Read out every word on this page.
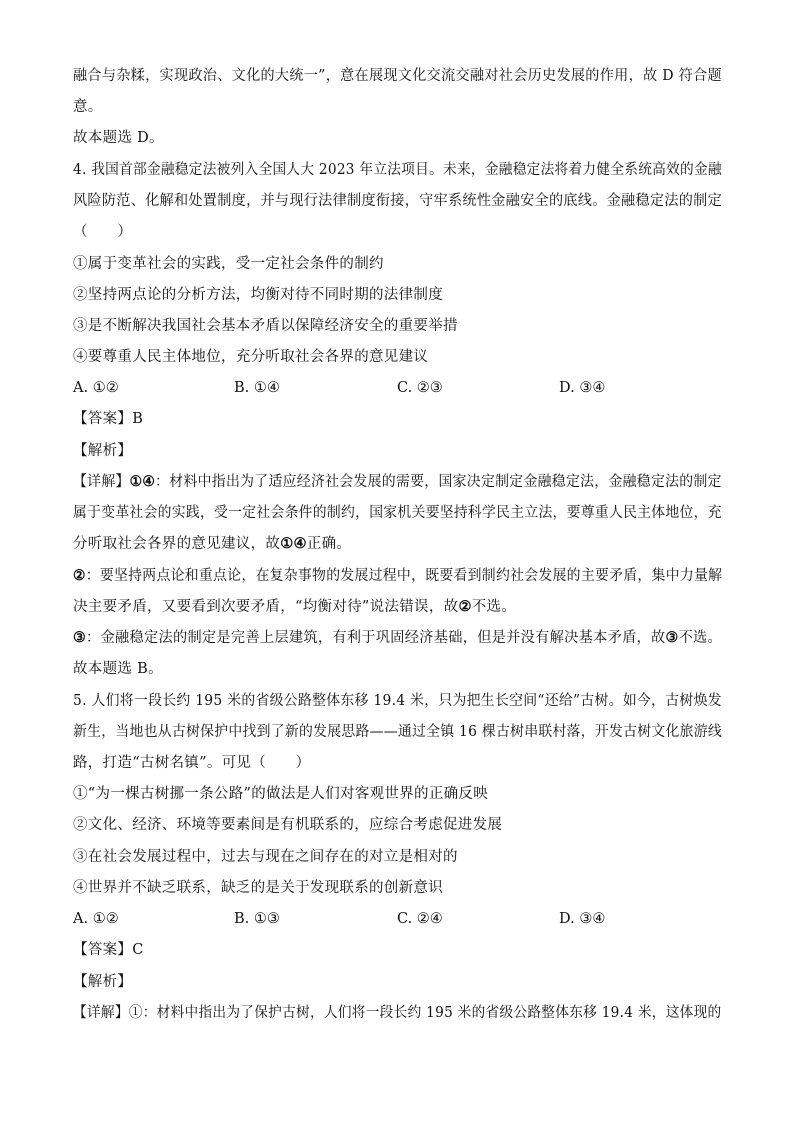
融合与杂糅，实现政治、文化的大统一”，意在展现文化交流交融对社会历史发展的作用，故 D 符合题
意。
故本题选 D。
4. 我国首部金融稳定法被列入全国人大 2023 年立法项目。未来，金融稳定法将着力健全系统高效的金融
风险防范、化解和处置制度，并与现行法律制度衔接，守牢系统性金融安全的底线。金融稳定法的制定
（　　）
①属于变革社会的实践，受一定社会条件的制约
②坚持两点论的分析方法，均衡对待不同时期的法律制度
③是不断解决我国社会基本矛盾以保障经济安全的重要举措
④要尊重人民主体地位，充分听取社会各界的意见建议
A. ①②	B. ①④	C. ②③	D. ③④
【答案】B
【解析】
【详解】①④：材料中指出为了适应经济社会发展的需要，国家决定制定金融稳定法，金融稳定法的制定
属于变革社会的实践，受一定社会条件的制约，国家机关要坚持科学民主立法，要尊重人民主体地位，充
分听取社会各界的意见建议，故①④正确。
②：要坚持两点论和重点论，在复杂事物的发展过程中，既要看到制约社会发展的主要矛盾，集中力量解
决主要矛盾，又要看到次要矛盾，“均衡对待”说法错误，故②不选。
③：金融稳定法的制定是完善上层建筑，有利于巩固经济基础，但是并没有解决基本矛盾，故③不选。
故本题选 B。
5. 人们将一段长约 195 米的省级公路整体东移 19.4 米，只为把生长空间“还给”古树。如今，古树焕发
新生，当地也从古树保护中找到了新的发展思路——通过全镇 16 棵古树串联村落，开发古树文化旅游线
路，打造“古树名镇”。可见（　　）
①“为一棵古树挪一条公路”的做法是人们对客观世界的正确反映
②文化、经济、环境等要素间是有机联系的，应综合考虑促进发展
③在社会发展过程中，过去与现在之间存在的对立是相对的
④世界并不缺乏联系，缺乏的是关于发现联系的创新意识
A. ①②	B. ①③	C. ②④	D. ③④
【答案】C
【解析】
【详解】①：材料中指出为了保护古树，人们将一段长约 195 米的省级公路整体东移 19.4 米，这体现的
